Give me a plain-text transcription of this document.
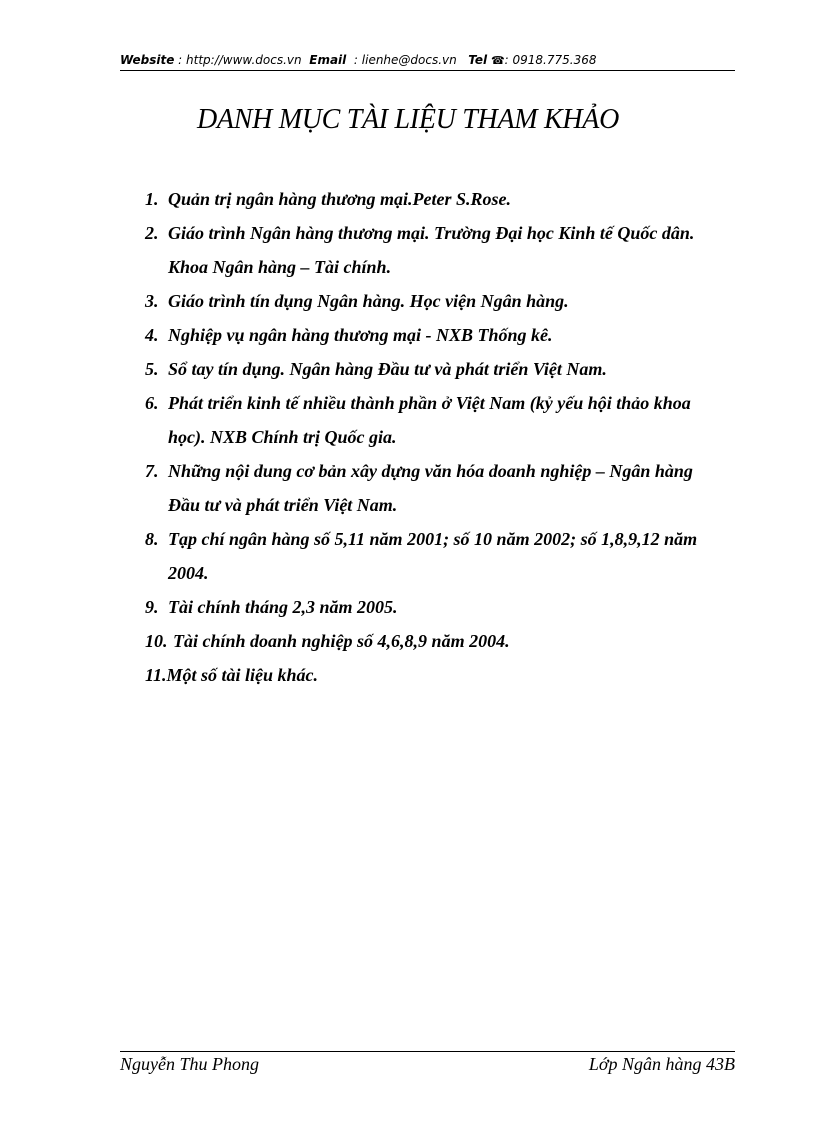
Website : http://www.docs.vn Email : lienhe@docs.vn Tel ☎: 0918.775.368
DANH MỤC TÀI LIỆU THAM KHẢO
1. Quản trị ngân hàng thương mại.Peter S.Rose.
2. Giáo trình Ngân hàng thương mại. Trường Đại học Kinh tế Quốc dân.
Khoa Ngân hàng – Tài chính.
3. Giáo trình tín dụng Ngân hàng. Học viện Ngân hàng.
4. Nghiệp vụ ngân hàng thương mại - NXB Thống kê.
5. Sổ tay tín dụng. Ngân hàng Đầu tư và phát triển Việt Nam.
6. Phát triển kinh tế nhiều thành phần ở Việt Nam (kỷ yếu hội thảo khoa
học). NXB Chính trị Quốc gia.
7. Những nội dung cơ bản xây dựng văn hóa doanh nghiệp – Ngân hàng
Đầu tư và phát triển Việt Nam.
8. Tạp chí ngân hàng số 5,11 năm 2001; số 10 năm 2002; số 1,8,9,12 năm
2004.
9. Tài chính tháng 2,3 năm 2005.
10. Tài chính doanh nghiệp số 4,6,8,9 năm 2004.
11.Một số tài liệu khác.
Nguyễn Thu Phong	Lớp Ngân hàng 43B
